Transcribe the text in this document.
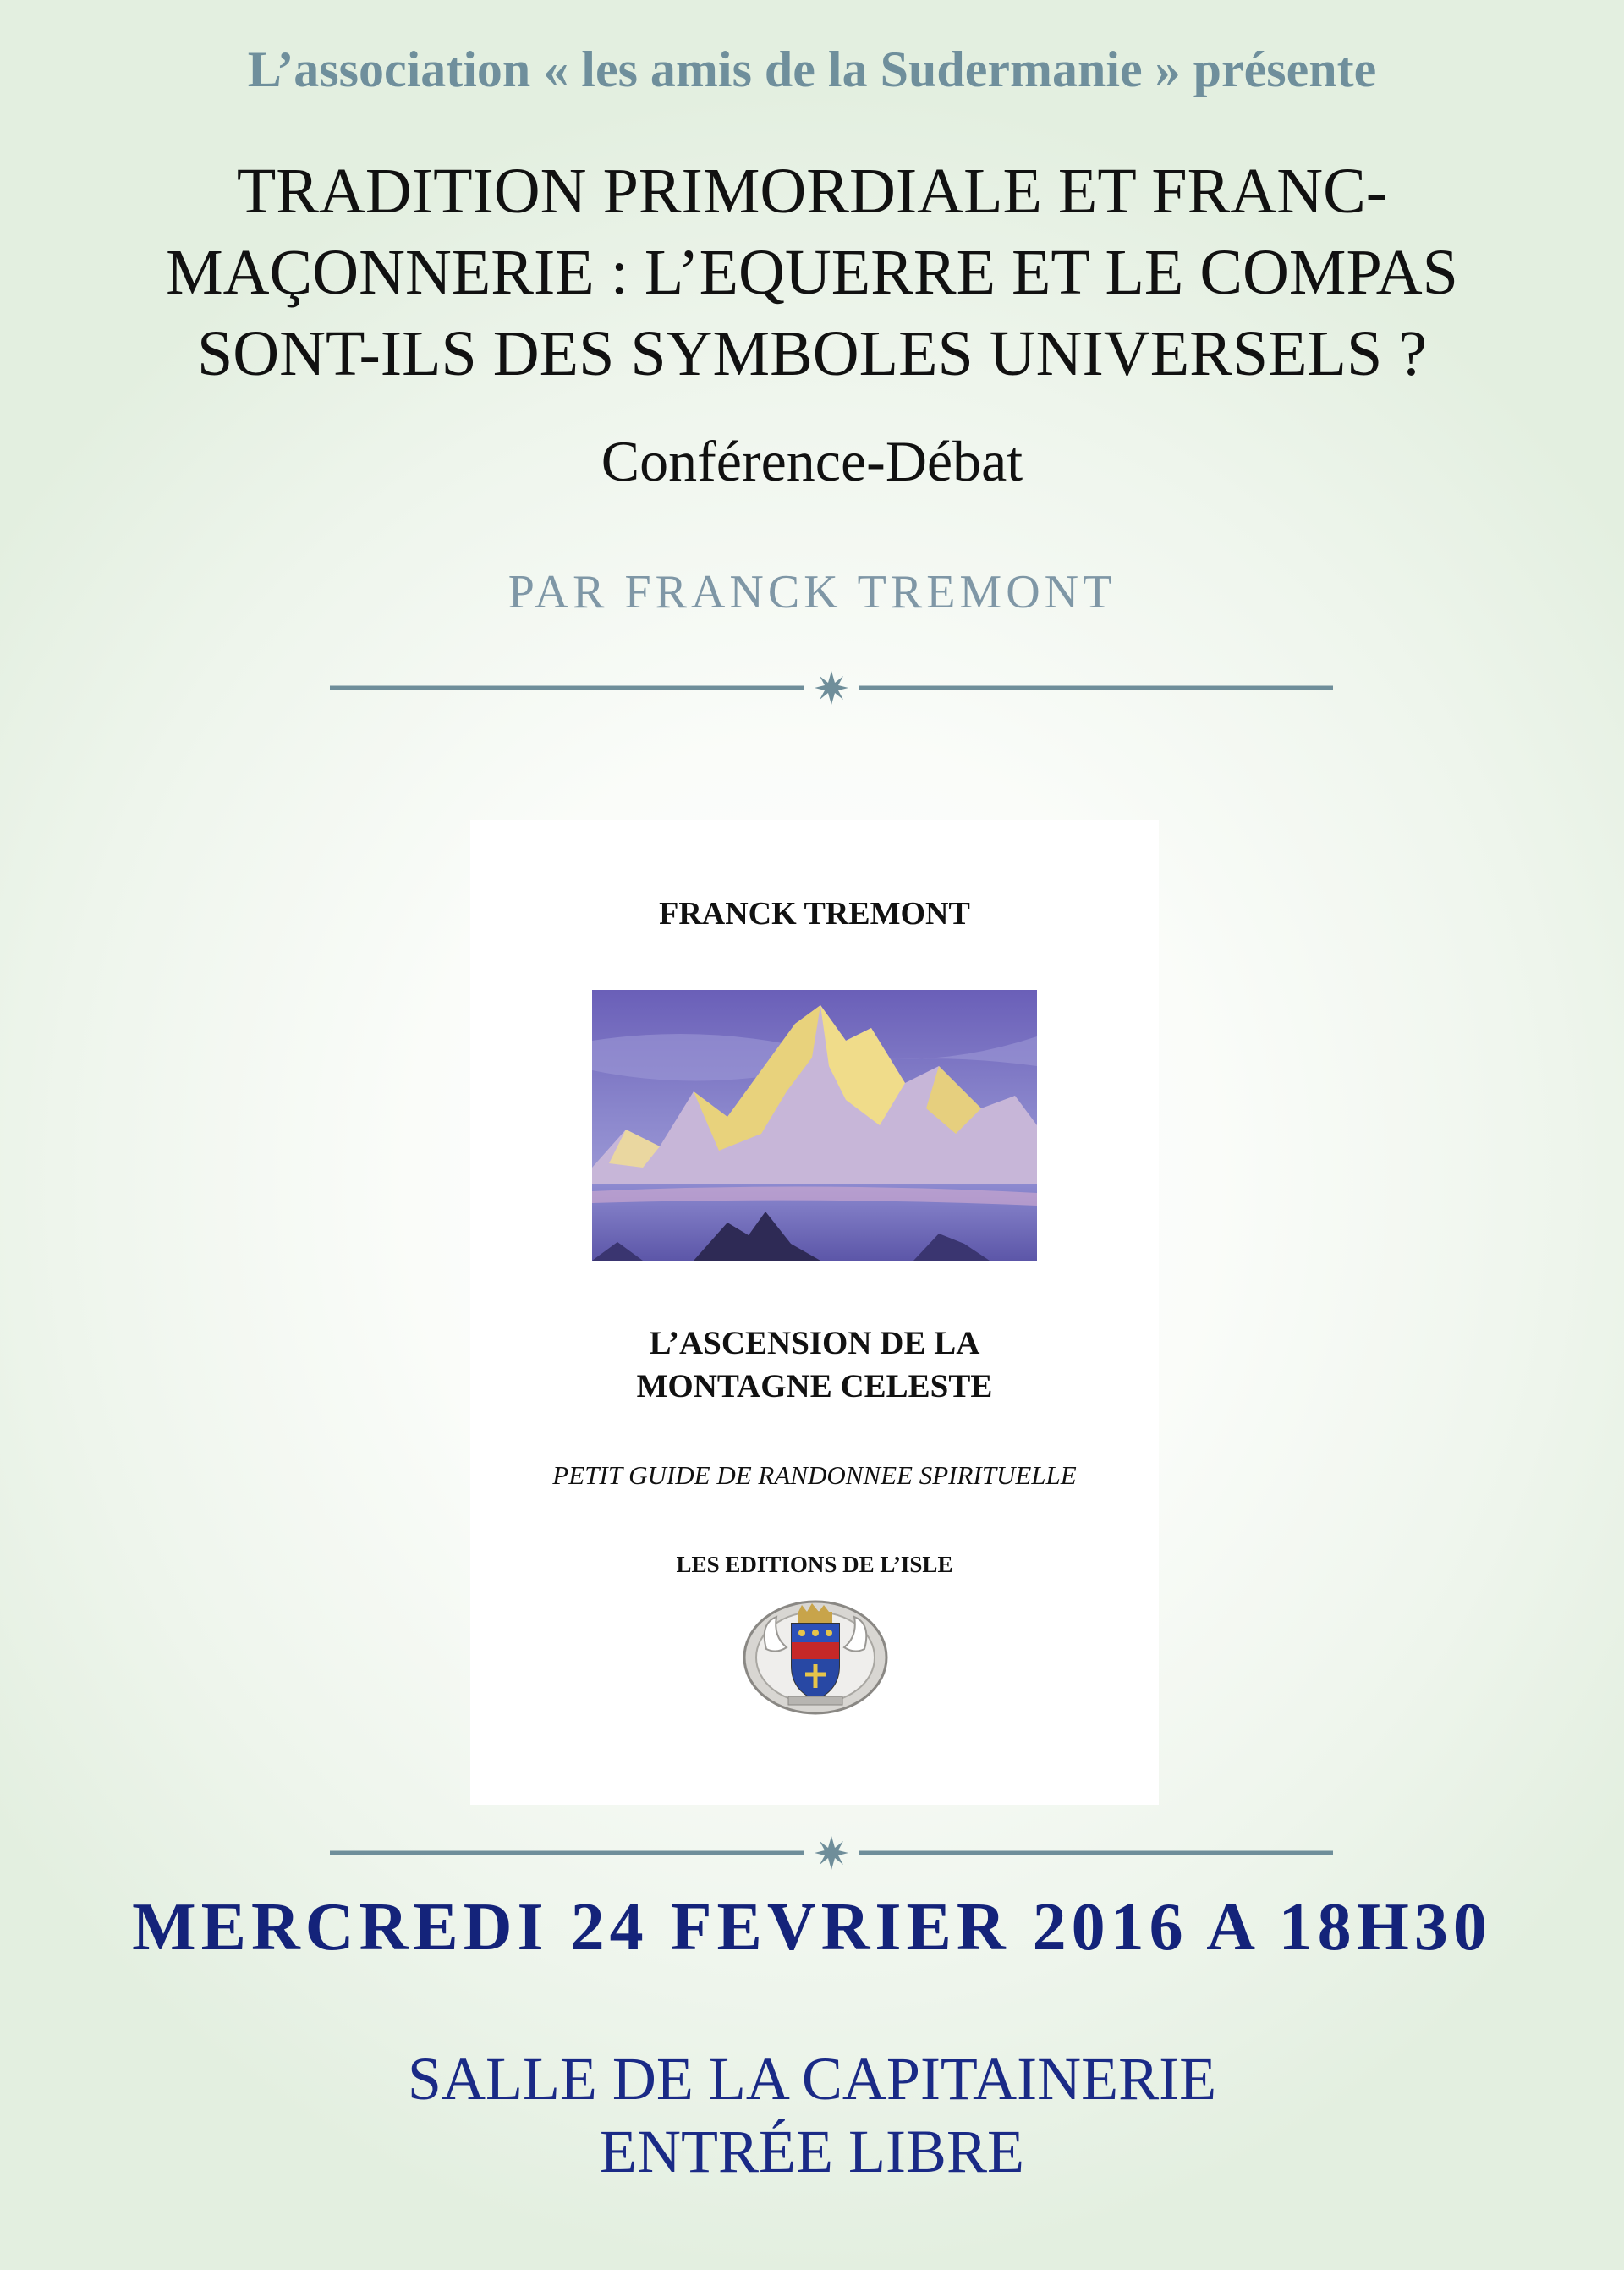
L’association « les amis de la Sudermanie » présente
TRADITION PRIMORDIALE ET FRANC-
MAÇONNERIE : L’EQUERRE ET LE COMPAS
SONT-ILS DES SYMBOLES UNIVERSELS ?
Conférence-Débat
PAR FRANCK TREMONT
FRANCK TREMONT
L’ASCENSION DE LA
MONTAGNE CELESTE
PETIT GUIDE DE RANDONNEE SPIRITUELLE
LES EDITIONS DE L’ISLE
MERCREDI 24 FEVRIER 2016 A 18H30
SALLE DE LA CAPITAINERIE
ENTRÉE LIBRE
